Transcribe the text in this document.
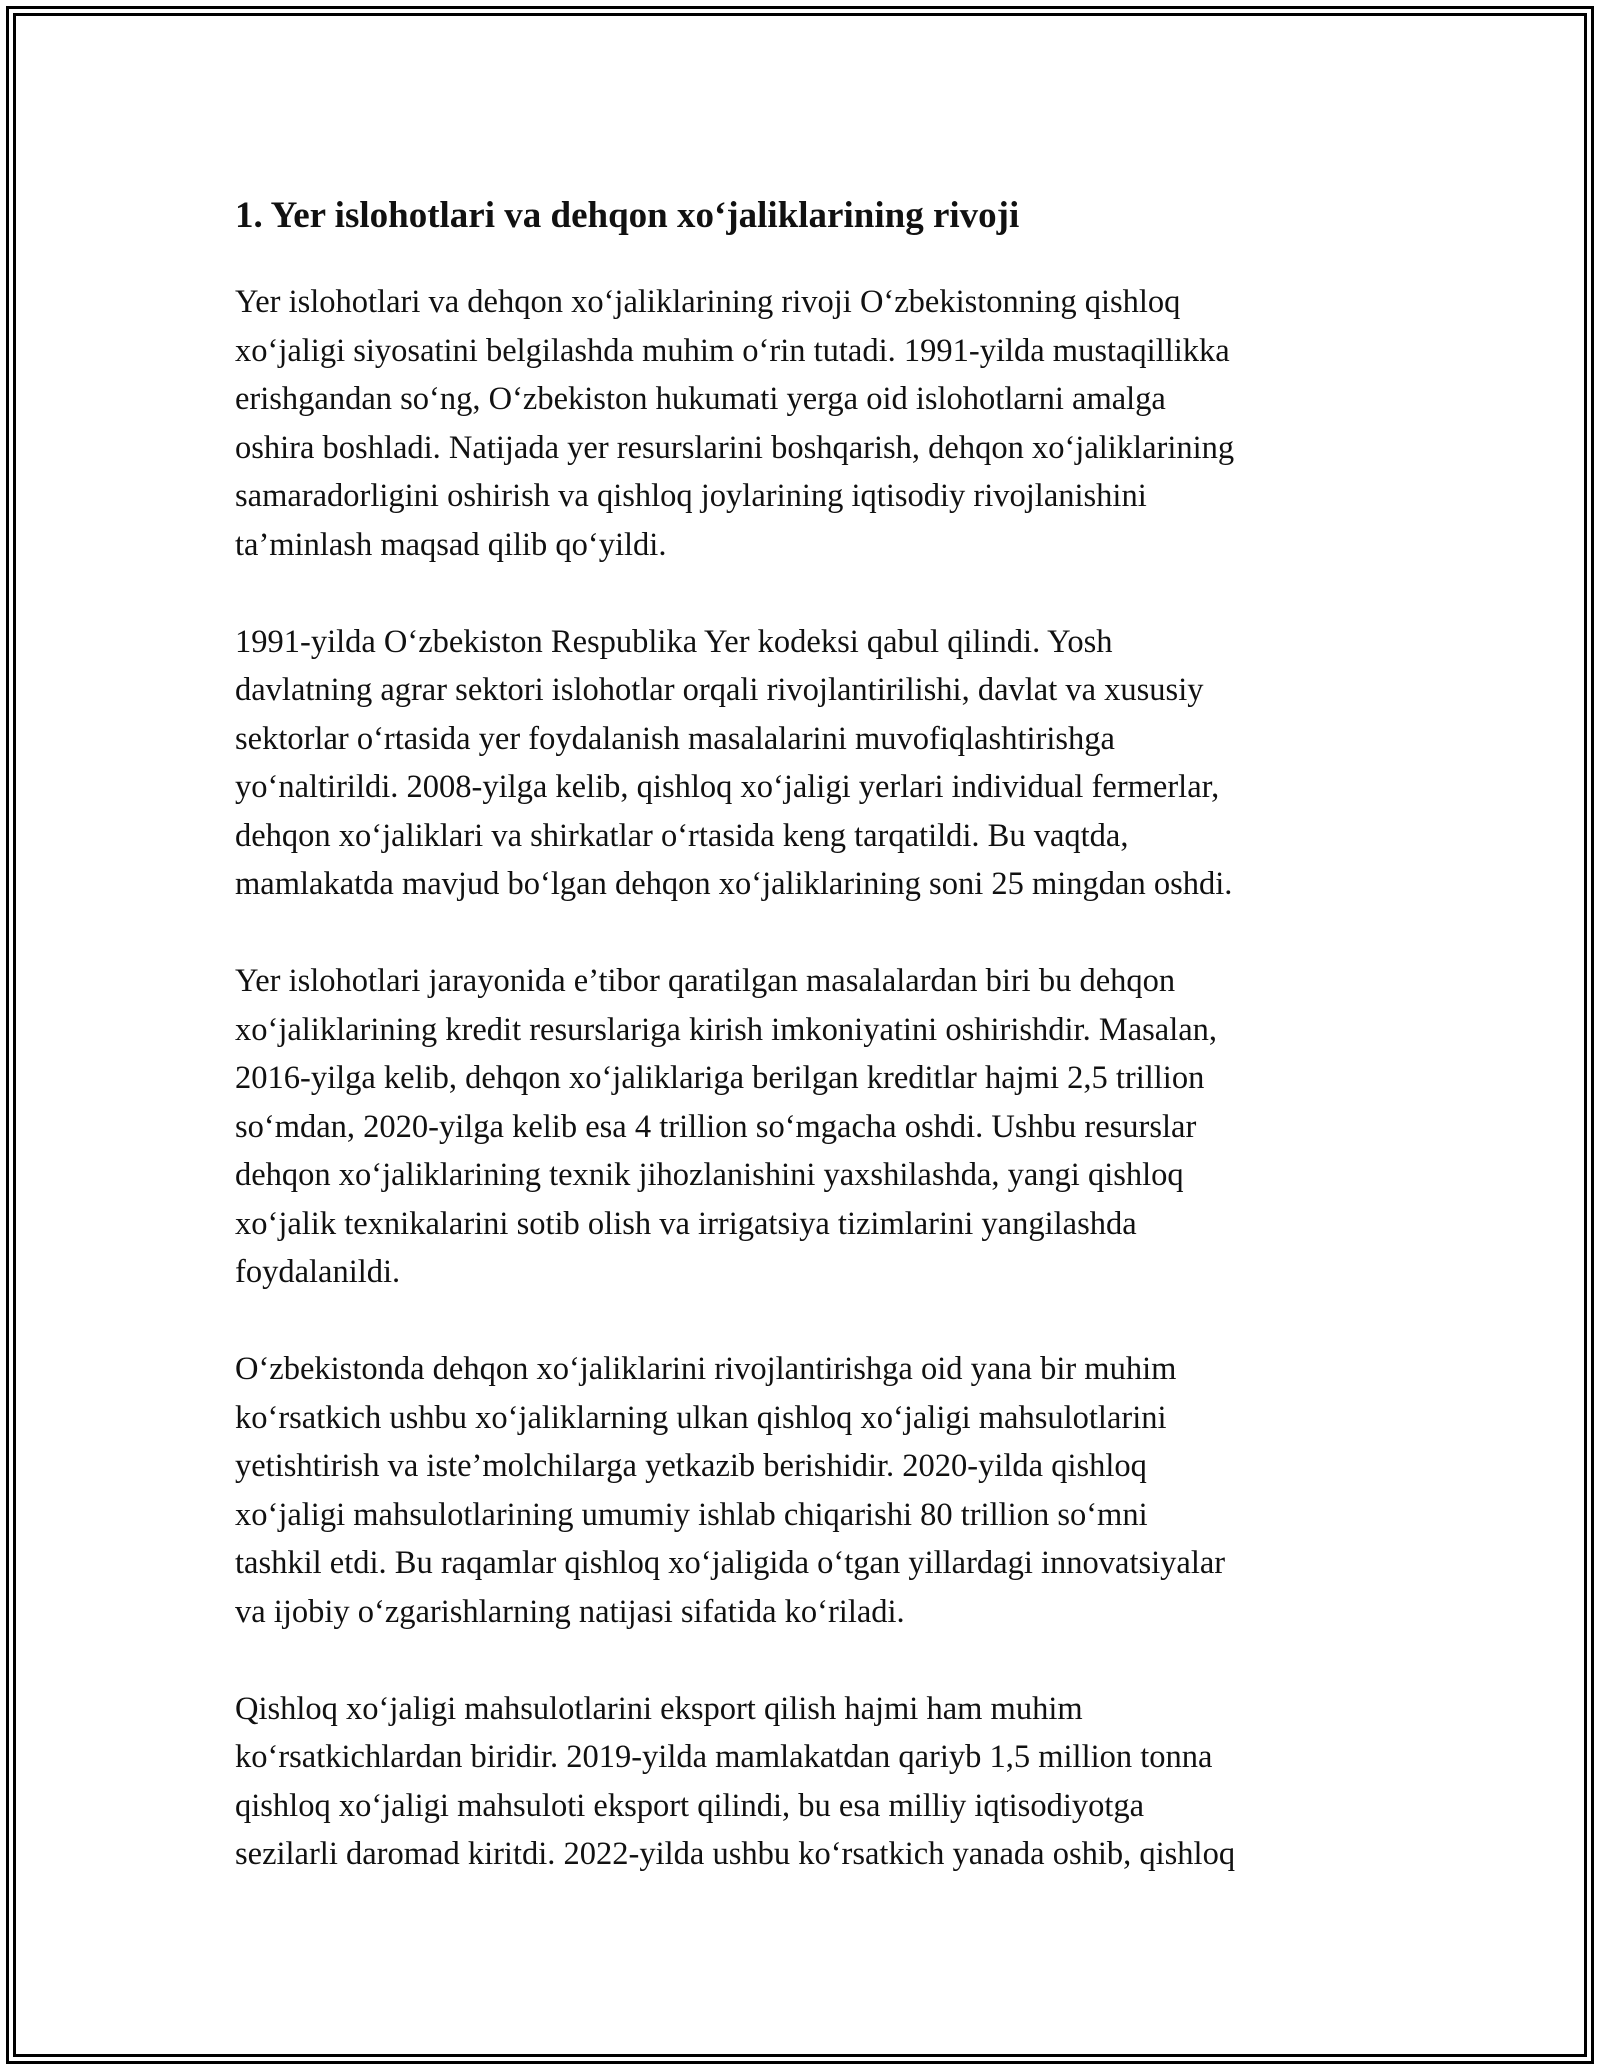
1. Yer islohotlari va dehqon xo‘jaliklarining rivoji

Yer islohotlari va dehqon xo‘jaliklarining rivoji O‘zbekistonning qishloq
xo‘jaligi siyosatini belgilashda muhim o‘rin tutadi. 1991-yilda mustaqillikka
erishgandan so‘ng, O‘zbekiston hukumati yerga oid islohotlarni amalga
oshira boshladi. Natijada yer resurslarini boshqarish, dehqon xo‘jaliklarining
samaradorligini oshirish va qishloq joylarining iqtisodiy rivojlanishini
ta’minlash maqsad qilib qo‘yildi.

1991-yilda O‘zbekiston Respublika Yer kodeksi qabul qilindi. Yosh
davlatning agrar sektori islohotlar orqali rivojlantirilishi, davlat va xususiy
sektorlar o‘rtasida yer foydalanish masalalarini muvofiqlashtirishga
yo‘naltirildi. 2008-yilga kelib, qishloq xo‘jaligi yerlari individual fermerlar,
dehqon xo‘jaliklari va shirkatlar o‘rtasida keng tarqatildi. Bu vaqtda,
mamlakatda mavjud bo‘lgan dehqon xo‘jaliklarining soni 25 mingdan oshdi.

Yer islohotlari jarayonida e’tibor qaratilgan masalalardan biri bu dehqon
xo‘jaliklarining kredit resurslariga kirish imkoniyatini oshirishdir. Masalan,
2016-yilga kelib, dehqon xo‘jaliklariga berilgan kreditlar hajmi 2,5 trillion
so‘mdan, 2020-yilga kelib esa 4 trillion so‘mgacha oshdi. Ushbu resurslar
dehqon xo‘jaliklarining texnik jihozlanishini yaxshilashda, yangi qishloq
xo‘jalik texnikalarini sotib olish va irrigatsiya tizimlarini yangilashda
foydalanildi.

O‘zbekistonda dehqon xo‘jaliklarini rivojlantirishga oid yana bir muhim
ko‘rsatkich ushbu xo‘jaliklarning ulkan qishloq xo‘jaligi mahsulotlarini
yetishtirish va iste’molchilarga yetkazib berishidir. 2020-yilda qishloq
xo‘jaligi mahsulotlarining umumiy ishlab chiqarishi 80 trillion so‘mni
tashkil etdi. Bu raqamlar qishloq xo‘jaligida o‘tgan yillardagi innovatsiyalar
va ijobiy o‘zgarishlarning natijasi sifatida ko‘riladi.

Qishloq xo‘jaligi mahsulotlarini eksport qilish hajmi ham muhim
ko‘rsatkichlardan biridir. 2019-yilda mamlakatdan qariyb 1,5 million tonna
qishloq xo‘jaligi mahsuloti eksport qilindi, bu esa milliy iqtisodiyotga
sezilarli daromad kiritdi. 2022-yilda ushbu ko‘rsatkich yanada oshib, qishloq
